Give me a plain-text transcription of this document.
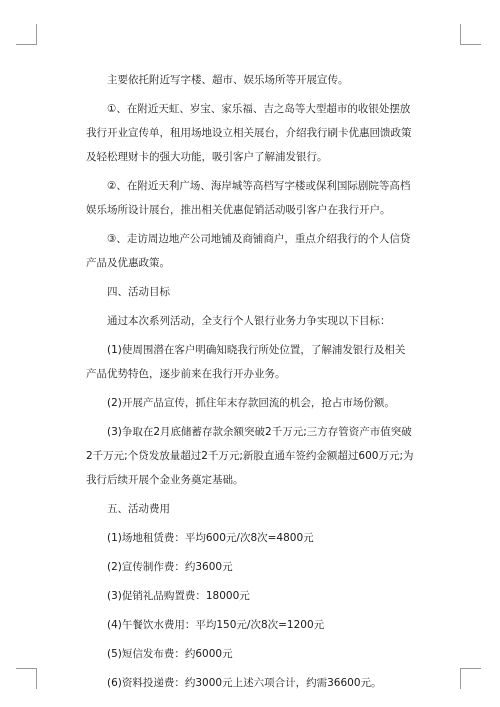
主要依托附近写字楼、超市、娱乐场所等开展宣传。

①、在附近天虹、岁宝、家乐福、吉之岛等大型超市的收银处摆放我行开业宣传单，租用场地设立相关展台，介绍我行刷卡优惠回馈政策及轻松理财卡的强大功能，吸引客户了解浦发银行。

②、在附近天利广场、海岸城等高档写字楼或保利国际剧院等高档娱乐场所设计展台，推出相关优惠促销活动吸引客户在我行开户。

③、走访周边地产公司地铺及商铺商户，重点介绍我行的个人信贷产品及优惠政策。

四、活动目标

通过本次系列活动，全支行个人银行业务力争实现以下目标：

(1)使周围潜在客户明确知晓我行所处位置，了解浦发银行及相关产品优势特色，逐步前来在我行开办业务。

(2)开展产品宣传，抓住年末存款回流的机会，抢占市场份额。

(3)争取在2月底储蓄存款余额突破2千万元;三方存管资产市值突破2千万元;个贷发放量超过2千万元;新股直通车签约金额超过600万元;为我行后续开展个金业务奠定基础。

五、活动费用

(1)场地租赁费：平均600元/次8次=4800元

(2)宣传制作费：约3600元

(3)促销礼品购置费：18000元

(4)午餐饮水费用：平均150元/次8次=1200元

(5)短信发布费：约6000元

(6)资料投递费：约3000元上述六项合计，约需36600元。
